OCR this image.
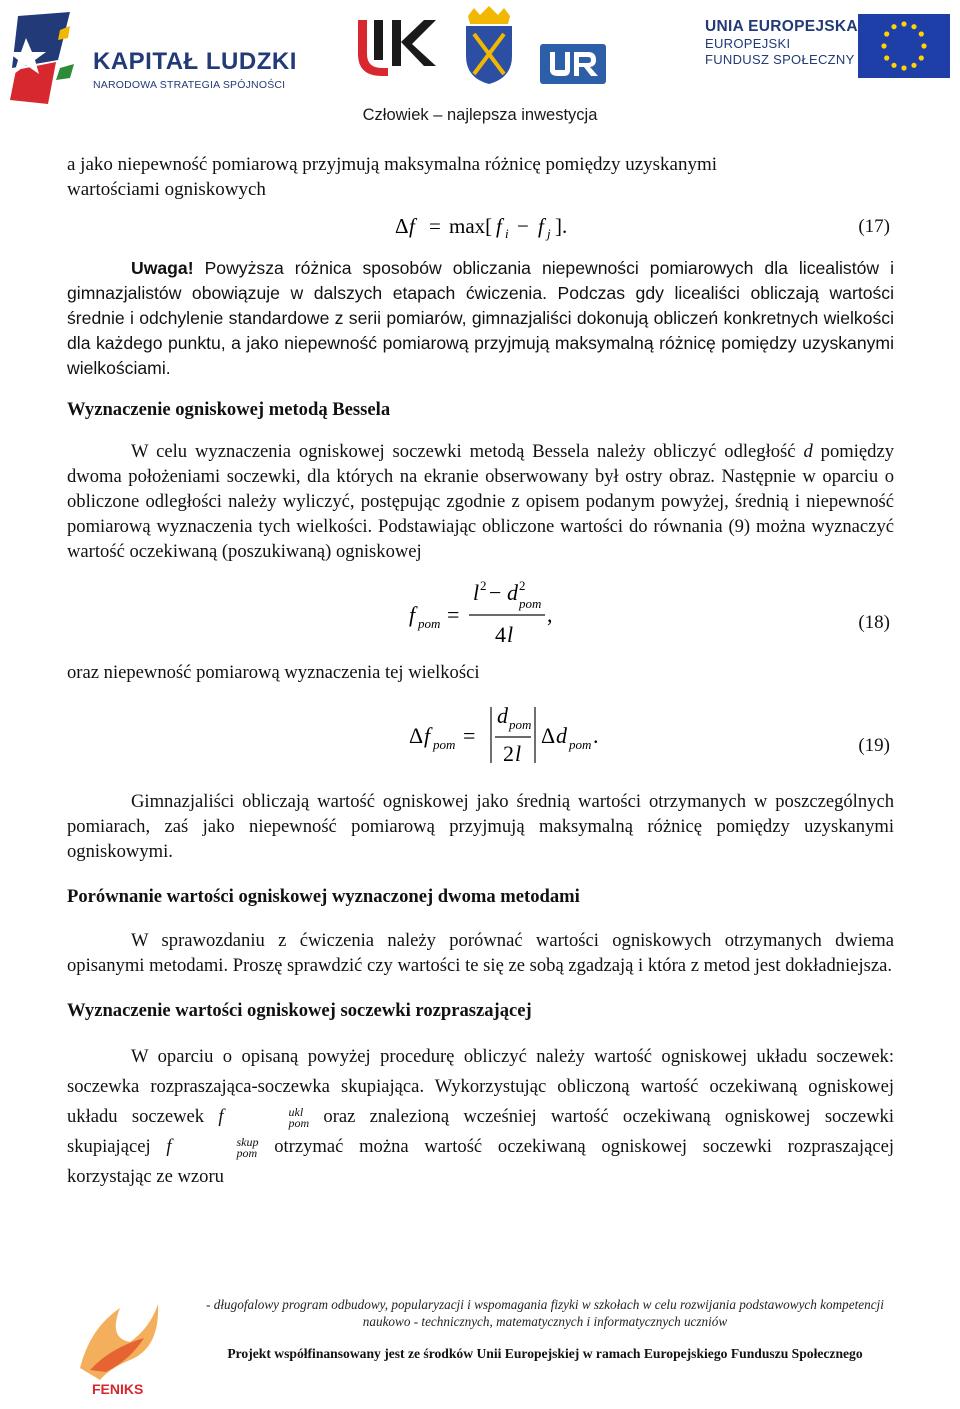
KAPITAŁ LUDZKI
NARODOWA STRATEGIA SPÓJNOŚCI
UNIA EUROPEJSKA
EUROPEJSKI
FUNDUSZ SPOŁECZNY
Człowiek – najlepsza inwestycja

a jako niepewność pomiarową przyjmują maksymalna różnicę pomiędzy uzyskanymi
wartościami ogniskowych

Δ f = max[ f i − f j ].	(17)

Uwaga! Powyższa różnica sposobów obliczania niepewności pomiarowych dla licealistów i gimnazjalistów obowiązuje w dalszych etapach ćwiczenia. Podczas gdy licealiści obliczają wartości średnie i odchylenie standardowe z serii pomiarów, gimnazjaliści dokonują obliczeń konkretnych wielkości dla każdego punktu, a jako niepewność pomiarową przyjmują maksymalną różnicę pomiędzy uzyskanymi wielkościami.

Wyznaczenie ogniskowej metodą Bessela

W celu wyznaczenia ogniskowej soczewki metodą Bessela należy obliczyć odległość d pomiędzy dwoma położeniami soczewki, dla których na ekranie obserwowany był ostry obraz. Następnie w oparciu o obliczone odległości należy wyliczyć, postępując zgodnie z opisem podanym powyżej, średnią i niepewność pomiarową wyznaczenia tych wielkości. Podstawiając obliczone wartości do równania (9) można wyznaczyć wartość oczekiwaną (poszukiwaną) ogniskowej

f pom =
l 2 − d 2
pom
4 l
,	(18)

oraz niepewność pomiarową wyznaczenia tej wielkości

Δ f pom =
d pom
2 l
Δ d pom .	(19)

Gimnazjaliści obliczają wartość ogniskowej jako średnią wartości otrzymanych w poszczególnych pomiarach, zaś jako niepewność pomiarową przyjmują maksymalną różnicę pomiędzy uzyskanymi ogniskowymi.

Porównanie wartości ogniskowej wyznaczonej dwoma metodami

W sprawozdaniu z ćwiczenia należy porównać wartości ogniskowych otrzymanych dwiema opisanymi metodami. Proszę sprawdzić czy wartości te się ze sobą zgadzają i która z metod jest dokładniejsza.

Wyznaczenie wartości ogniskowej soczewki rozpraszającej

W oparciu o opisaną powyżej procedurę obliczyć należy wartość ogniskowej układu soczewek: soczewka rozpraszająca-soczewka skupiająca. Wykorzystując obliczoną wartość oczekiwaną ogniskowej układu soczewek f	ukl
pom oraz znalezioną wcześniej wartość oczekiwaną ogniskowej soczewki skupiającej f	skup
pom otrzymać można wartość oczekiwaną ogniskowej soczewki rozpraszającej korzystając ze wzoru

FENIKS
- długofalowy program odbudowy, popularyzacji i wspomagania fizyki w szkołach w celu rozwijania podstawowych kompetencji naukowo - technicznych, matematycznych i informatycznych uczniów
Projekt współfinansowany jest ze środków Unii Europejskiej w ramach Europejskiego Funduszu Społecznego
